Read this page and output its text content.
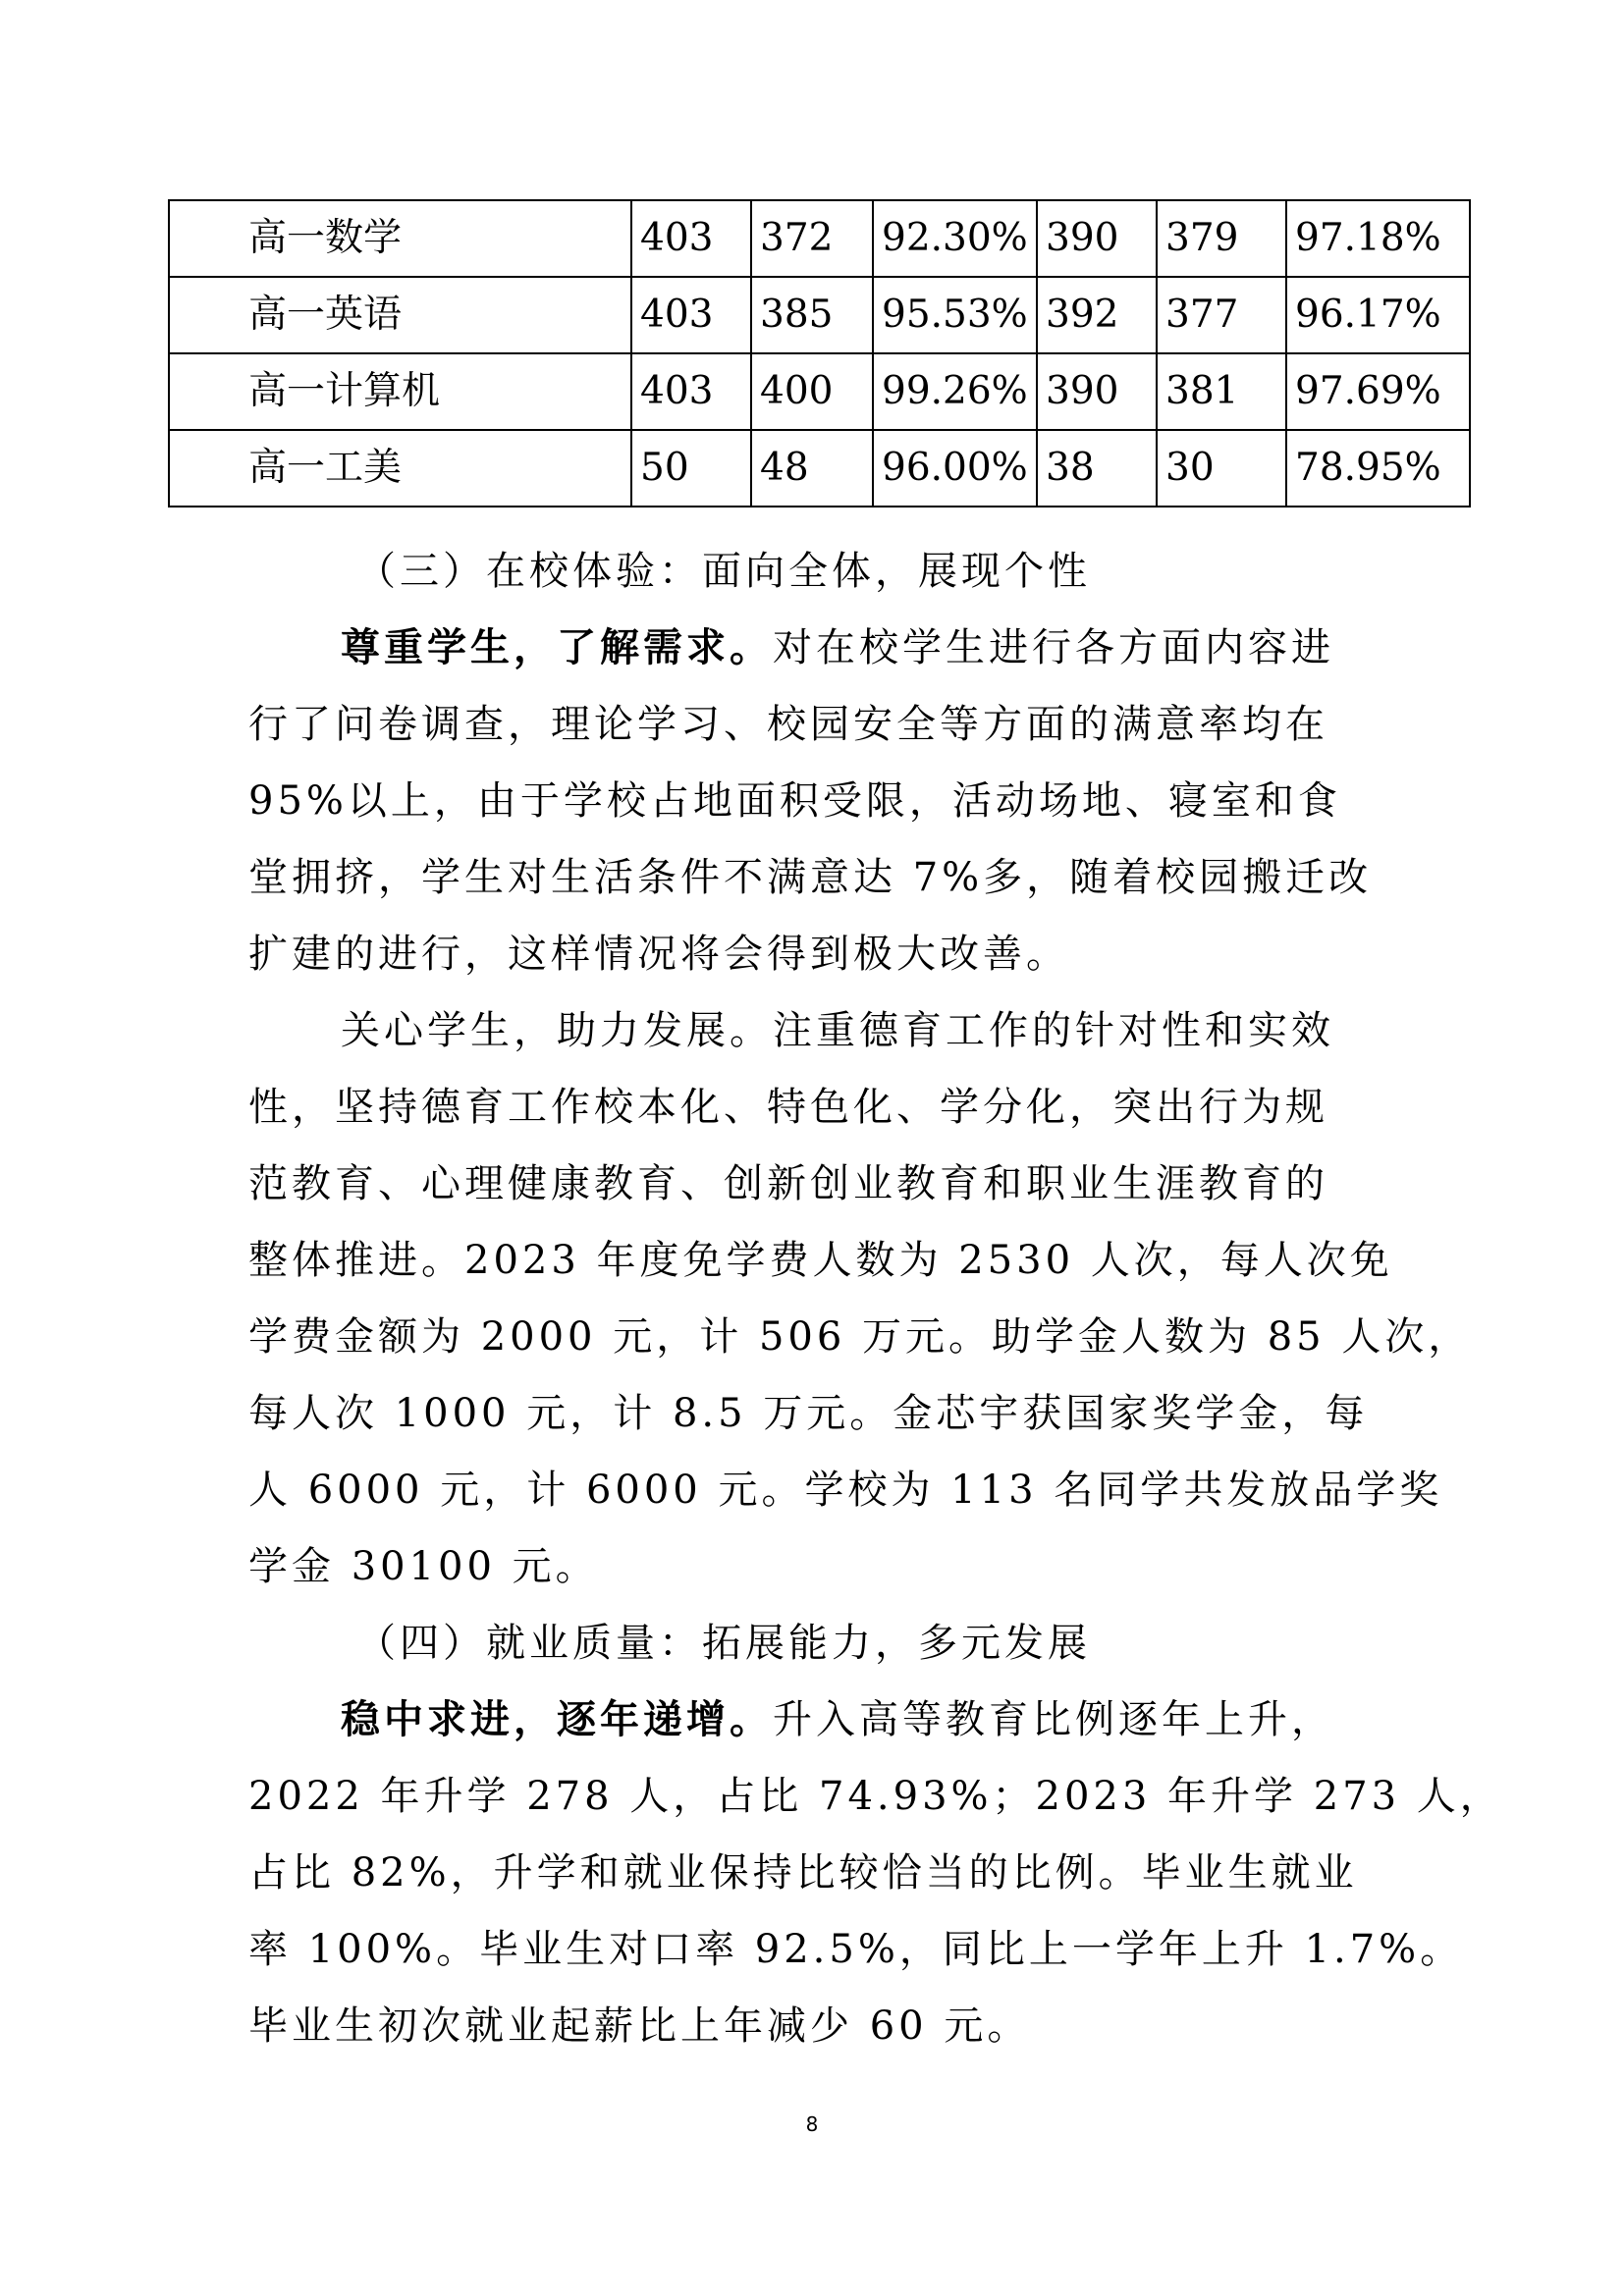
高一数学	403	372	92.30%	390	379	97.18%
高一英语	403	385	95.53%	392	377	96.17%
高一计算机	403	400	99.26%	390	381	97.69%
高一工美	50	48	96.00%	38	30	78.95%
（三）在校体验：面向全体，展现个性
尊重学生，了解需求。对在校学生进行各方面内容进
行了问卷调查，理论学习、校园安全等方面的满意率均在
95%以上，由于学校占地面积受限，活动场地、寝室和食
堂拥挤，学生对生活条件不满意达 7%多，随着校园搬迁改
扩建的进行，这样情况将会得到极大改善。
关心学生，助力发展。注重德育工作的针对性和实效
性，坚持德育工作校本化、特色化、学分化，突出行为规
范教育、心理健康教育、创新创业教育和职业生涯教育的
整体推进。2023 年度免学费人数为 2530 人次，每人次免
学费金额为 2000 元，计 506 万元。助学金人数为 85 人次，
每人次 1000 元，计 8.5 万元。金芯宇获国家奖学金，每
人 6000 元，计 6000 元。学校为 113 名同学共发放品学奖
学金 30100 元。
（四）就业质量：拓展能力，多元发展
稳中求进，逐年递增。升入高等教育比例逐年上升，
2022 年升学 278 人，占比 74.93%；2023 年升学 273 人，
占比 82%，升学和就业保持比较恰当的比例。毕业生就业
率 100%。毕业生对口率 92.5%，同比上一学年上升 1.7%。
毕业生初次就业起薪比上年减少 60 元。
8
